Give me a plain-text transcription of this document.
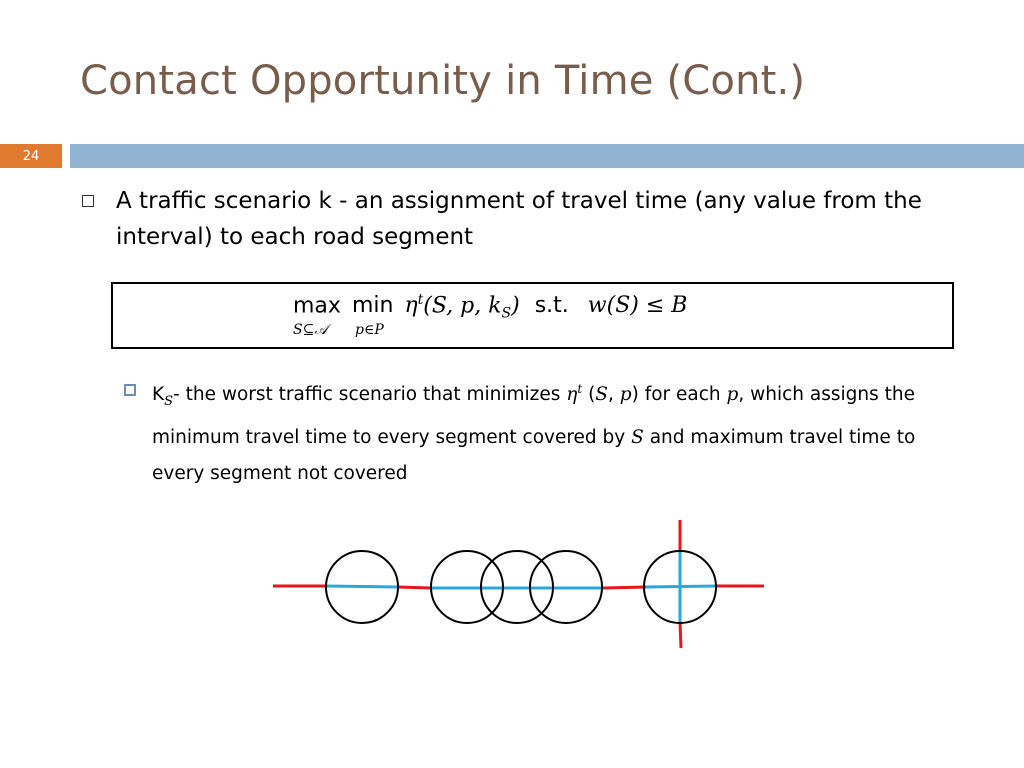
Contact Opportunity in Time (Cont.)
24
A traffic scenario k - an assignment of travel time (any value from the interval) to each road segment
$\max \min \eta^t(S$, p, $k_S$) s.t. w(S) ≤ B
S⊆𝒜 p∈P
$K_S-$ the worst traffic scenario that minimizes $\eta^t$ (S, p) for each p, which assigns the minimum travel time to every segment covered by S and maximum travel time to every segment not covered
